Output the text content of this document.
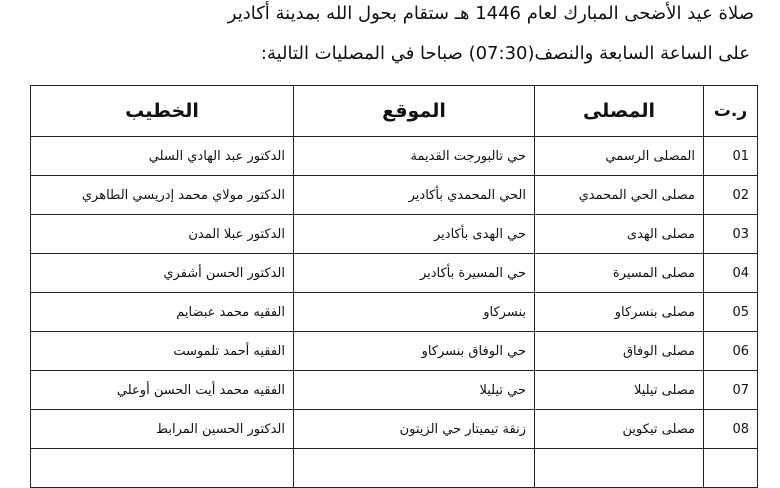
صلاة عيد الأضحى المبارك لعام 1446 هـ ستقام بحول الله بمدينة أكادير
على الساعة السابعة والنصف(07:30) صباحا في المصليات التالية:
ر.ت	المصلى	الموقع	الخطيب
01	المصلى الرسمي	حي تالبورجت القديمة	الدكتور عبد الهادي السلي
02	مصلى الحي المحمدي	الحي المحمدي بأكادير	الدكتور مولاي محمد إدريسي الطاهري
03	مصلى الهدى	حي الهدى بأكادير	الدكتور عبلا المدن
04	مصلى المسيرة	حي المسيرة بأكادير	الدكتور الحسن أشفري
05	مصلى بنسركاو	بنسركاو	الفقيه محمد عبضايم
06	مصلى الوفاق	حي الوفاق بنسركاو	الفقيه أحمد تلموست
07	مصلى تيليلا	حي تيليلا	الفقيه محمد أيت الحسن أوعلي
08	مصلى تيكوين	زنقة تيميتار حي الزيتون	الدكتور الحسين المرابط
